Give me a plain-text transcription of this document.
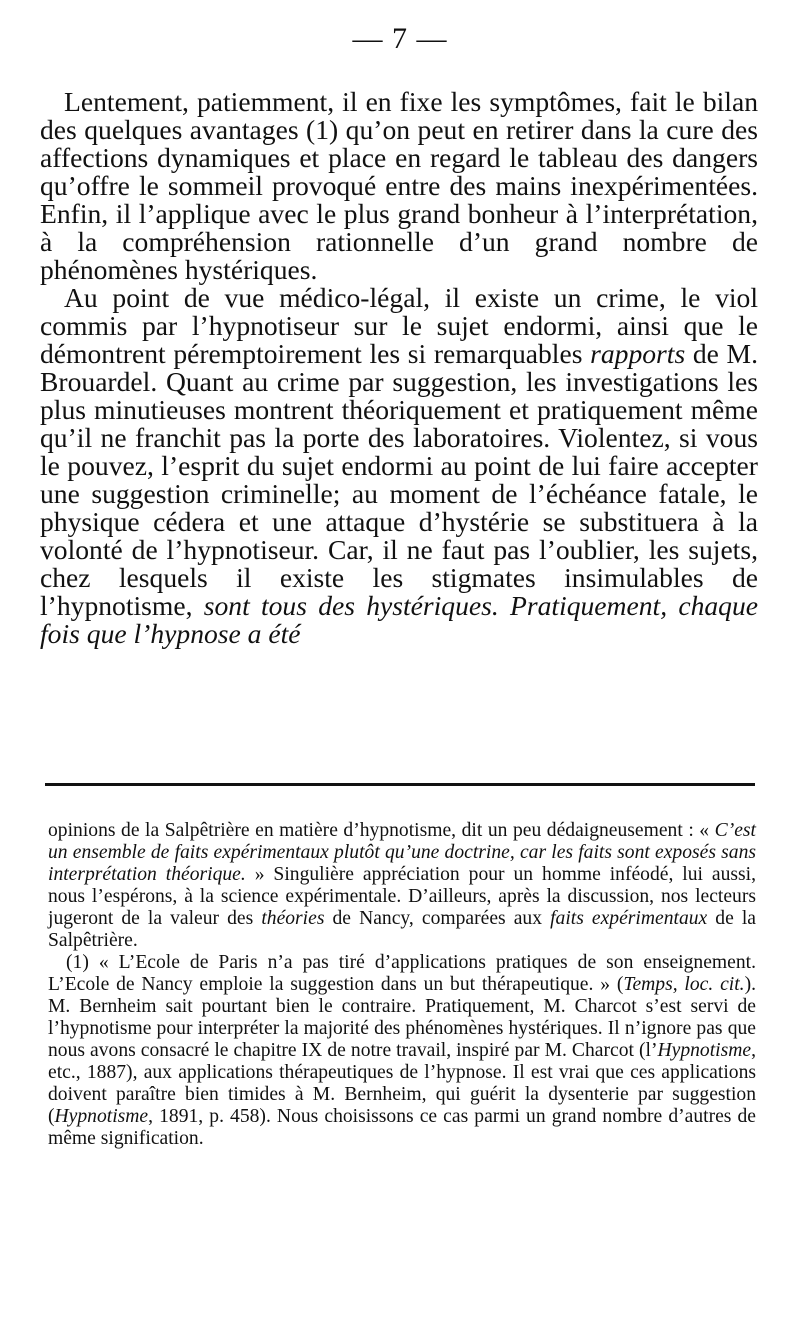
— 7 —

Lentement, patiemment, il en fixe les symptômes, fait le bilan des quelques avantages (1) qu’on peut en retirer dans la cure des affections dynamiques et place en regard le tableau des dangers qu’offre le sommeil provoqué entre des mains inexpérimentées. Enfin, il l’applique avec le plus grand bonheur à l’interprétation, à la compréhension rationnelle d’un grand nombre de phénomènes hystériques.

Au point de vue médico-légal, il existe un crime, le viol commis par l’hypnotiseur sur le sujet endormi, ainsi que le démontrent péremptoirement les si remarquables rapports de M. Brouardel. Quant au crime par suggestion, les investigations les plus minutieuses montrent théoriquement et pratiquement même qu’il ne franchit pas la porte des laboratoires. Violentez, si vous le pouvez, l’esprit du sujet endormi au point de lui faire accepter une suggestion criminelle; au moment de l’échéance fatale, le physique cédera et une attaque d’hystérie se substituera à la volonté de l’hypnotiseur. Car, il ne faut pas l’oublier, les sujets, chez lesquels il existe les stigmates insimulables de l’hypnotisme, sont tous des hystériques. Pratiquement, chaque fois que l’hypnose a été

opinions de la Salpêtrière en matière d’hypnotisme, dit un peu dédaigneusement : « C’est un ensemble de faits expérimentaux plutôt qu’une doctrine, car les faits sont exposés sans interprétation théorique. » Singulière appréciation pour un homme inféodé, lui aussi, nous l’espérons, à la science expérimentale. D’ailleurs, après la discussion, nos lecteurs jugeront de la valeur des théories de Nancy, comparées aux faits expérimentaux de la Salpêtrière.

(1) « L’Ecole de Paris n’a pas tiré d’applications pratiques de son enseignement. L’Ecole de Nancy emploie la suggestion dans un but thérapeutique. » (Temps, loc. cit.). M. Bernheim sait pourtant bien le contraire. Pratiquement, M. Charcot s’est servi de l’hypnotisme pour interpréter la majorité des phénomènes hystériques. Il n’ignore pas que nous avons consacré le chapitre IX de notre travail, inspiré par M. Charcot (l’Hypnotisme, etc., 1887), aux applications thérapeutiques de l’hypnose. Il est vrai que ces applications doivent paraître bien timides à M. Bernheim, qui guérit la dysenterie par suggestion (Hypnotisme, 1891, p. 458). Nous choisissons ce cas parmi un grand nombre d’autres de même signification.
